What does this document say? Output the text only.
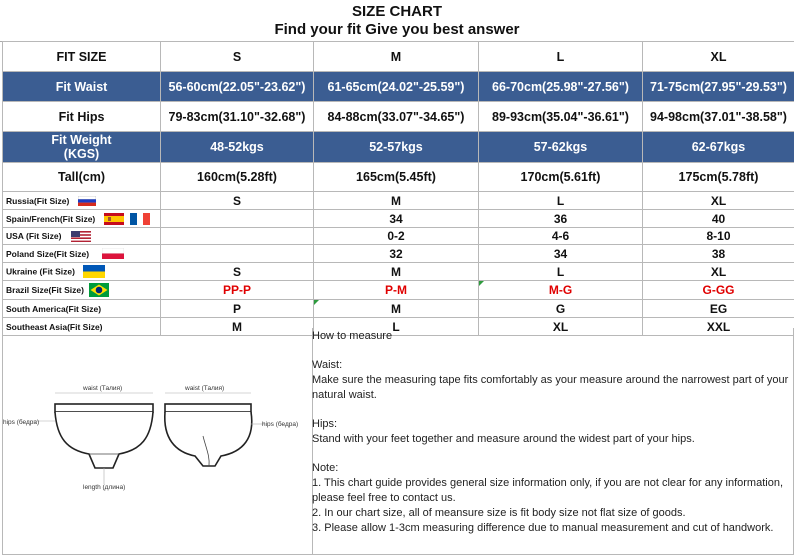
SIZE CHART
Find your fit Give you best answer
FIT SIZE	S	M	L	XL
Fit Waist	56-60cm(22.05"-23.62")	61-65cm(24.02"-25.59")	66-70cm(25.98"-27.56")	71-75cm(27.95"-29.53")
Fit Hips	79-83cm(31.10"-32.68")	84-88cm(33.07"-34.65")	89-93cm(35.04"-36.61")	94-98cm(37.01"-38.58")

Fit Weight
(KGS)	48-52kgs	52-57kgs	57-62kgs	62-67kgs
Tall(cm)	160cm(5.28ft)	165cm(5.45ft)	170cm(5.61ft)	175cm(5.78ft)
Russia(Fit Size)	S	M	L	XL
Spain/French(Fit Size)		34	36	40
USA (Fit Size)		0-2	4-6	8-10
Poland Size(Fit Size)		32	34	38
Ukraine (Fit Size)	S	M	L	XL
Brazil Size(Fit Size)	PP-P	P-M	M-G	G-GG
South America(Fit Size)	P	M	G	EG
Southeast Asia(Fit Size)	M	L	XL	XXL
waist (Талия)	waist (Талия)
hips (бедра)	hips (бедра)
length (длина)

How to measure

Waist:

Make sure the measuring tape fits comfortably as your measure around the narrowest part of your

natural waist.

Hips:

Stand with your feet together and measure around the widest part of your hips.

Note:

1. This chart guide provides general size information only, if you are not clear for any information,

please feel free to contact us.

2. In our chart size, all of meansure size is fit body size not flat size of goods.

3. Please allow 1-3cm measuring difference due to manual measurement and cut of handwork.
